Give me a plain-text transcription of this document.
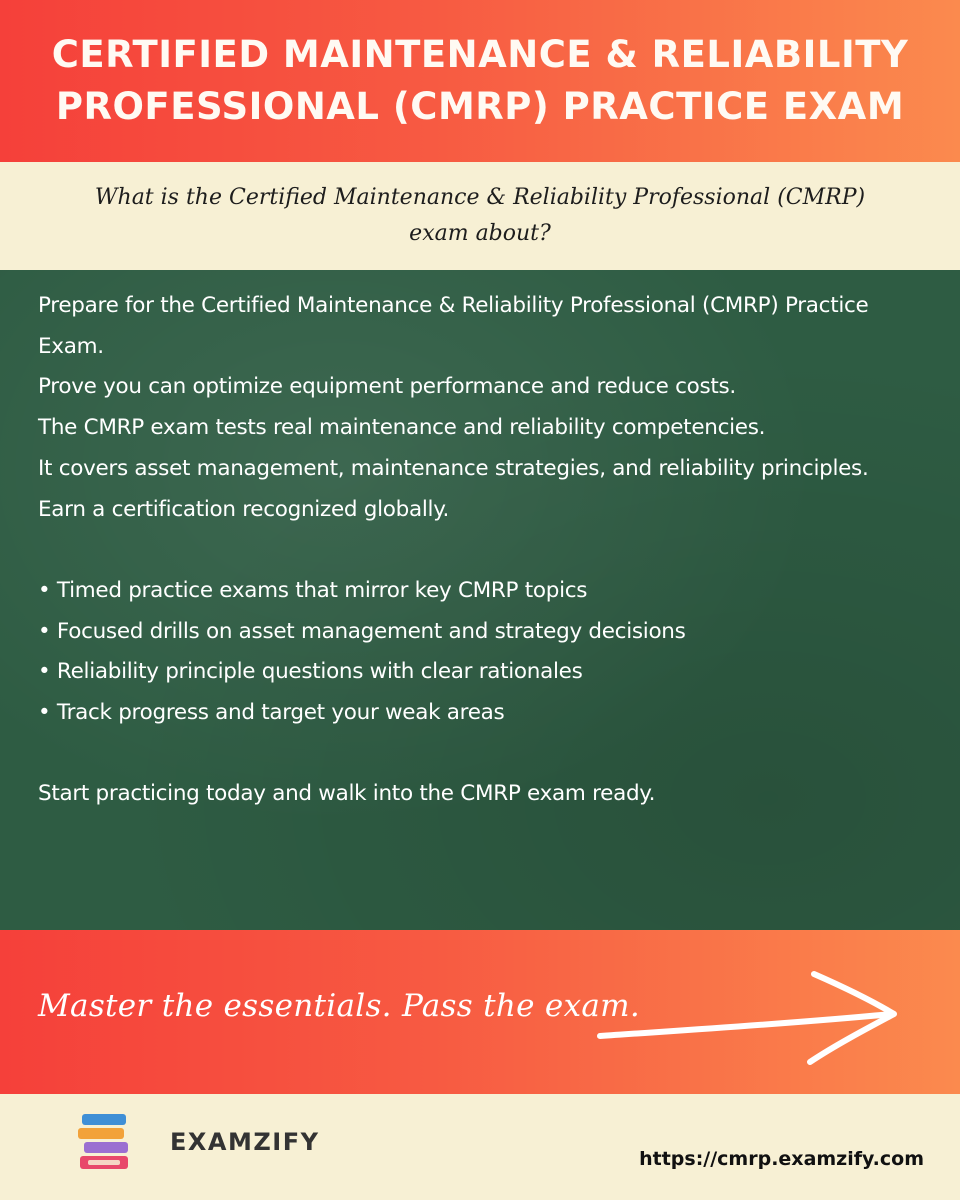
CERTIFIED MAINTENANCE & RELIABILITY
PROFESSIONAL (CMRP) PRACTICE EXAM
What is the Certified Maintenance & Reliability Professional (CMRP)
exam about?

Prepare for the Certified Maintenance & Reliability Professional (CMRP) Practice Exam.

Prove you can optimize equipment performance and reduce costs.

The CMRP exam tests real maintenance and reliability competencies.

It covers asset management, maintenance strategies, and reliability principles.

Earn a certification recognized globally.

• Timed practice exams that mirror key CMRP topics
• Focused drills on asset management and strategy decisions
• Reliability principle questions with clear rationales
• Track progress and target your weak areas

Start practicing today and walk into the CMRP exam ready.

Master the essentials. Pass the exam.
EXAMZIFY
https://cmrp.examzify.com
